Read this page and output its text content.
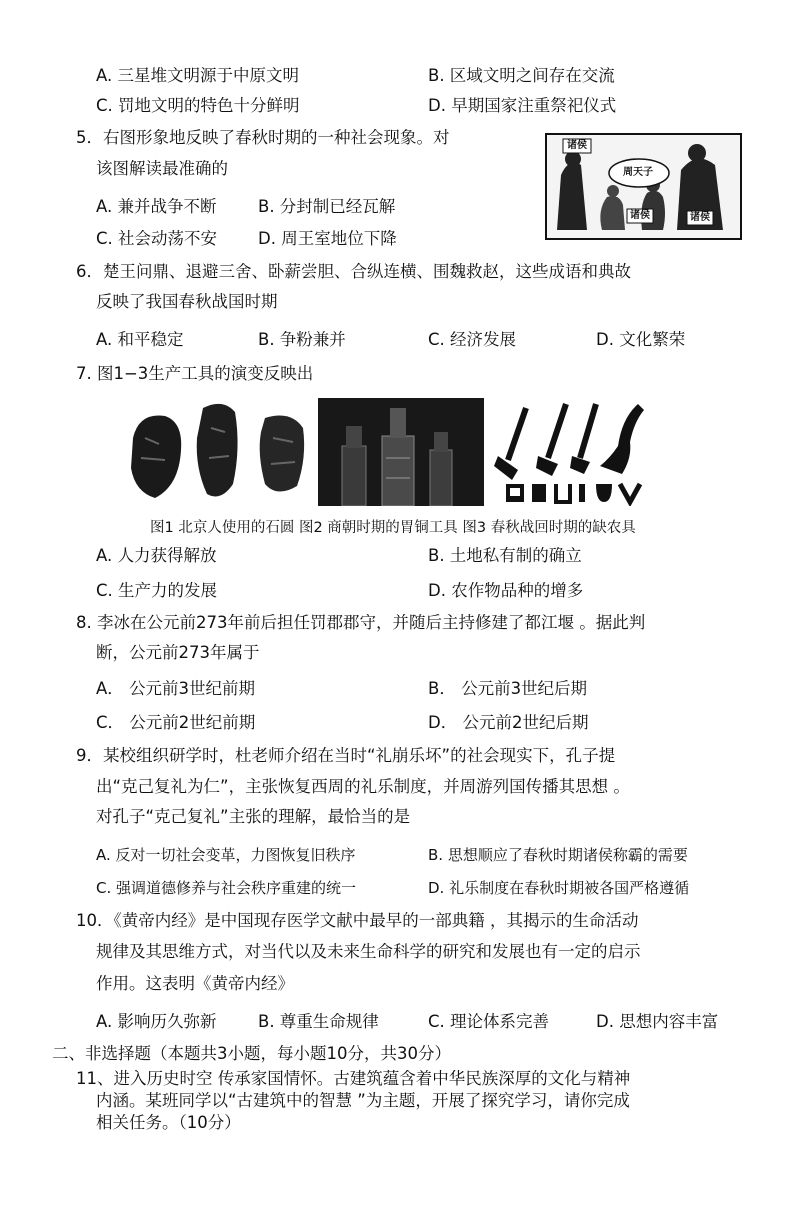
A. 三星堆文明源于中原文明	B. 区域文明之间存在交流
C. 罚地文明的特色十分鲜明	D. 早期国家注重祭祀仪式
5．右图形象地反映了春秋时期的一种社会现象。对
该图解读最准确的
A. 兼并战争不断	B. 分封制已经瓦解
C. 社会动荡不安 D. 周王室地位下降
诸侯
周天子
诸侯	诸侯
6．楚王问鼎、退避三舍、卧薪尝胆、合纵连横、围魏救赵，这些成语和典故
反映了我国春秋战国时期
A. 和平稳定	B. 争粉兼并	C. 经济发展	D. 文化繁荣
7. 图1−3生产工具的演变反映出
图1 北京人使用的石圆 图2 商朝时期的胃铜工具 图3 春秋战回时期的缺农具
A. 人力获得解放	B. 土地私有制的确立
C. 生产力的发展	D. 农作物品种的增多
8. 李冰在公元前273年前后担任罚郡郡守，并随后主持修建了都江堰 。据此判
断，公元前273年属于
A． 公元前3世纪前期	B． 公元前3世纪后期
C． 公元前2世纪前期	D． 公元前2世纪后期
9．某校组织研学时，杜老师介绍在当时“礼崩乐坏”的社会现实下，孔子提
出“克己复礼为仁”，主张恢复西周的礼乐制度，并周游列国传播其思想 。
对孔子“克己复礼”主张的理解，最恰当的是
A. 反对一切社会变革，力图恢复旧秩序	B. 思想顺应了春秋时期诸侯称霸的需要
C. 强调道德修养与社会秩序重建的统一	D. 礼乐制度在春秋时期被各国严格遵循
10．《黄帝内经》是中国现存医学文献中最早的一部典籍 ，其揭示的生命活动
规律及其思维方式，对当代以及未来生命科学的研究和发展也有一定的启示
作用。这表明《黄帝内经》
A. 影响历久弥新	B. 尊重生命规律	C. 理论体系完善	D. 思想内容丰富
二、非选择题（本题共3小题，每小题10分，共30分）
11、进入历史时空 传承家国情怀。古建筑蕴含着中华民族深厚的文化与精神
内涵。某班同学以“古建筑中的智慧 ”为主题，开展了探究学习，请你完成
相关任务。（10分）
